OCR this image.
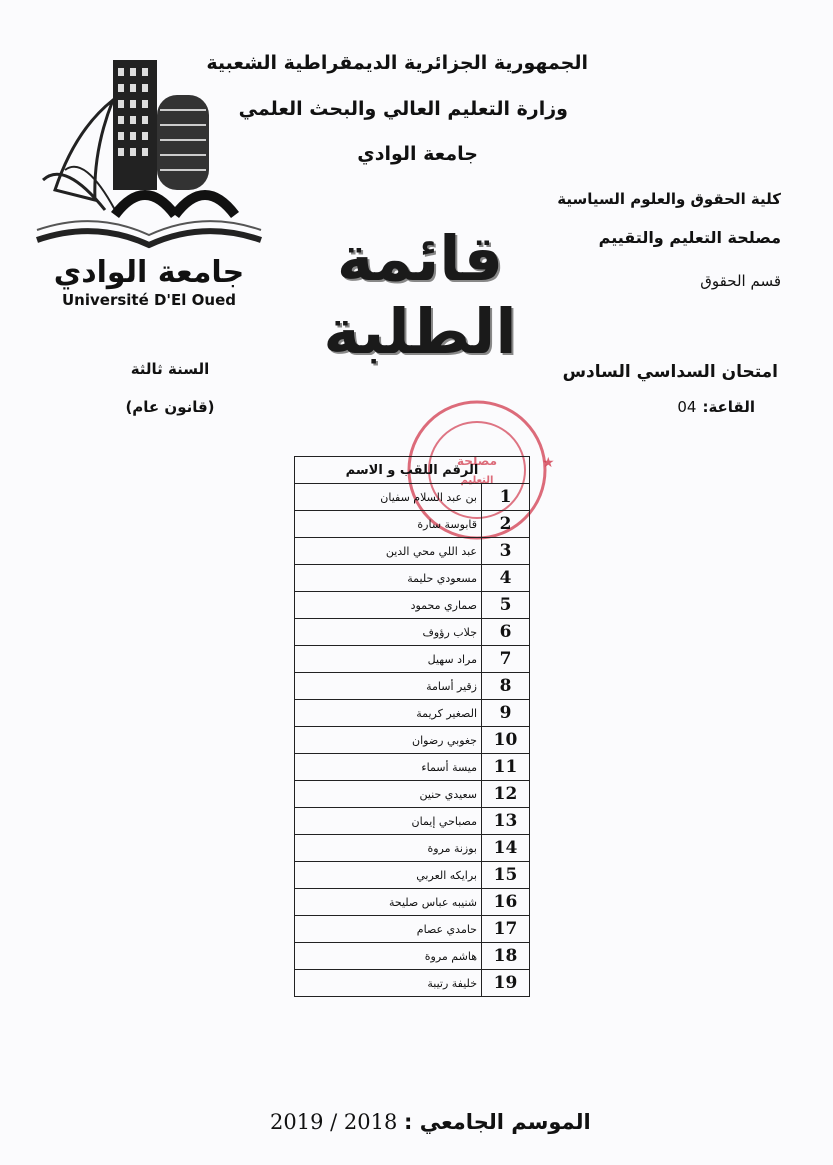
جامعة الوادي
Université D'El Oued
الجمهورية الجزائرية الديمقراطية الشعبية
وزارة التعليم العالي والبحث العلمي
جامعة الوادي
كلية الحقوق والعلوم السياسية
مصلحة التعليم والتقييم
قسم الحقوق
قائمة الطلبة
امتحان السداسي السادس
القاعة:04
السنة ثالثة
(قانون عام)
مصلحة
التعليم
★
الرقم اللقب و الاسم	
1	بن عبد السلام سفيان
2	قابوسة سارة
3	عبد اللي محي الدين
4	مسعودي حليمة
5	صماري محمود
6	جلاب رؤوف
7	مراد سهيل
8	زقير أسامة
9	الصغير كريمة
10	جغوبي رضوان
11	ميسة أسماء
12	سعيدي حنين
13	مصباحي إيمان
14	بوزنة مروة
15	برايكه العربي
16	شنيبه عباس صليحة
17	حامدي عصام
18	هاشم مروة
19	خليفة رتيبة
2019 / 2018 الموسم الجامعي :
